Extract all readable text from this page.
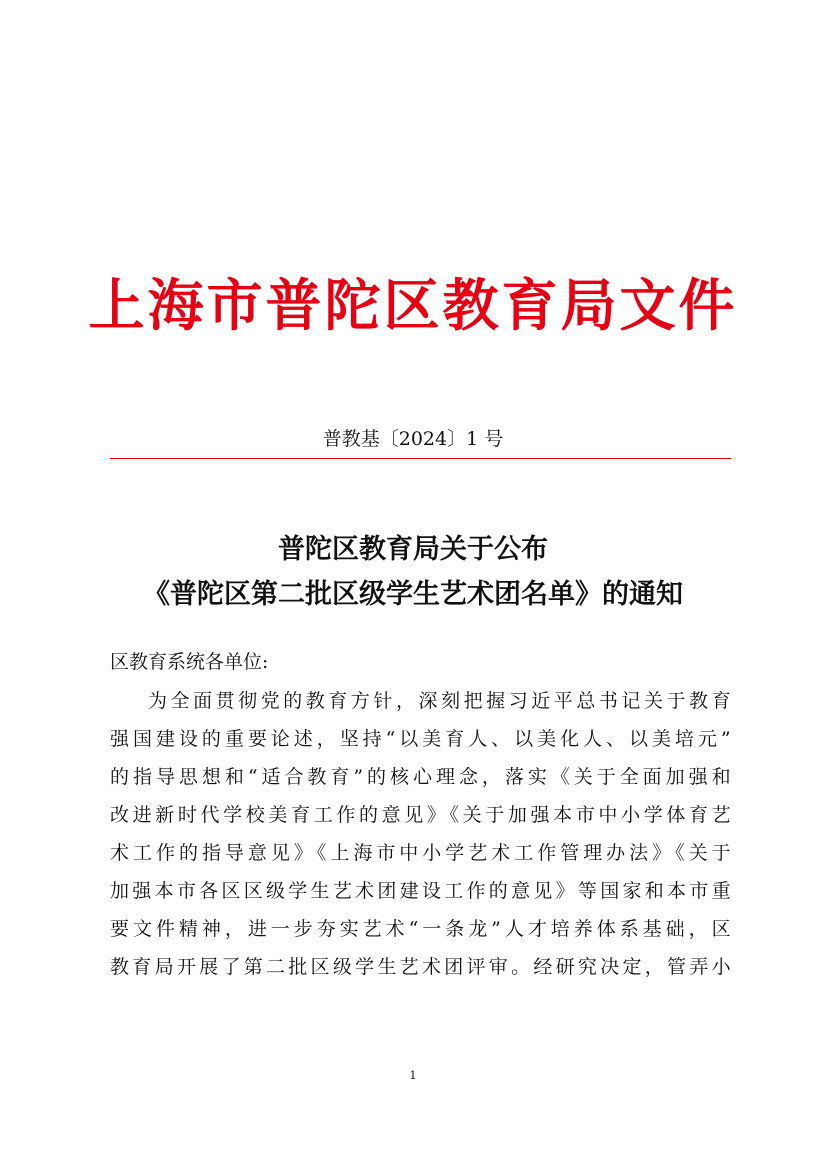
上海市普陀区教育局文件
普教基〔2024〕1 号
普陀区教育局关于公布
《普陀区第二批区级学生艺术团名单》的通知
区教育系统各单位:
为全面贯彻党的教育方针，深刻把握习近平总书记关于教育
强国建设的重要论述，坚持“以美育人、以美化人、以美培元”
的指导思想和“适合教育”的核心理念，落实《关于全面加强和
改进新时代学校美育工作的意见》《关于加强本市中小学体育艺
术工作的指导意见》《上海市中小学艺术工作管理办法》《关于
加强本市各区区级学生艺术团建设工作的意见》等国家和本市重
要文件精神，进一步夯实艺术“一条龙”人才培养体系基础，区
教育局开展了第二批区级学生艺术团评审。经研究决定，管弄小
1
